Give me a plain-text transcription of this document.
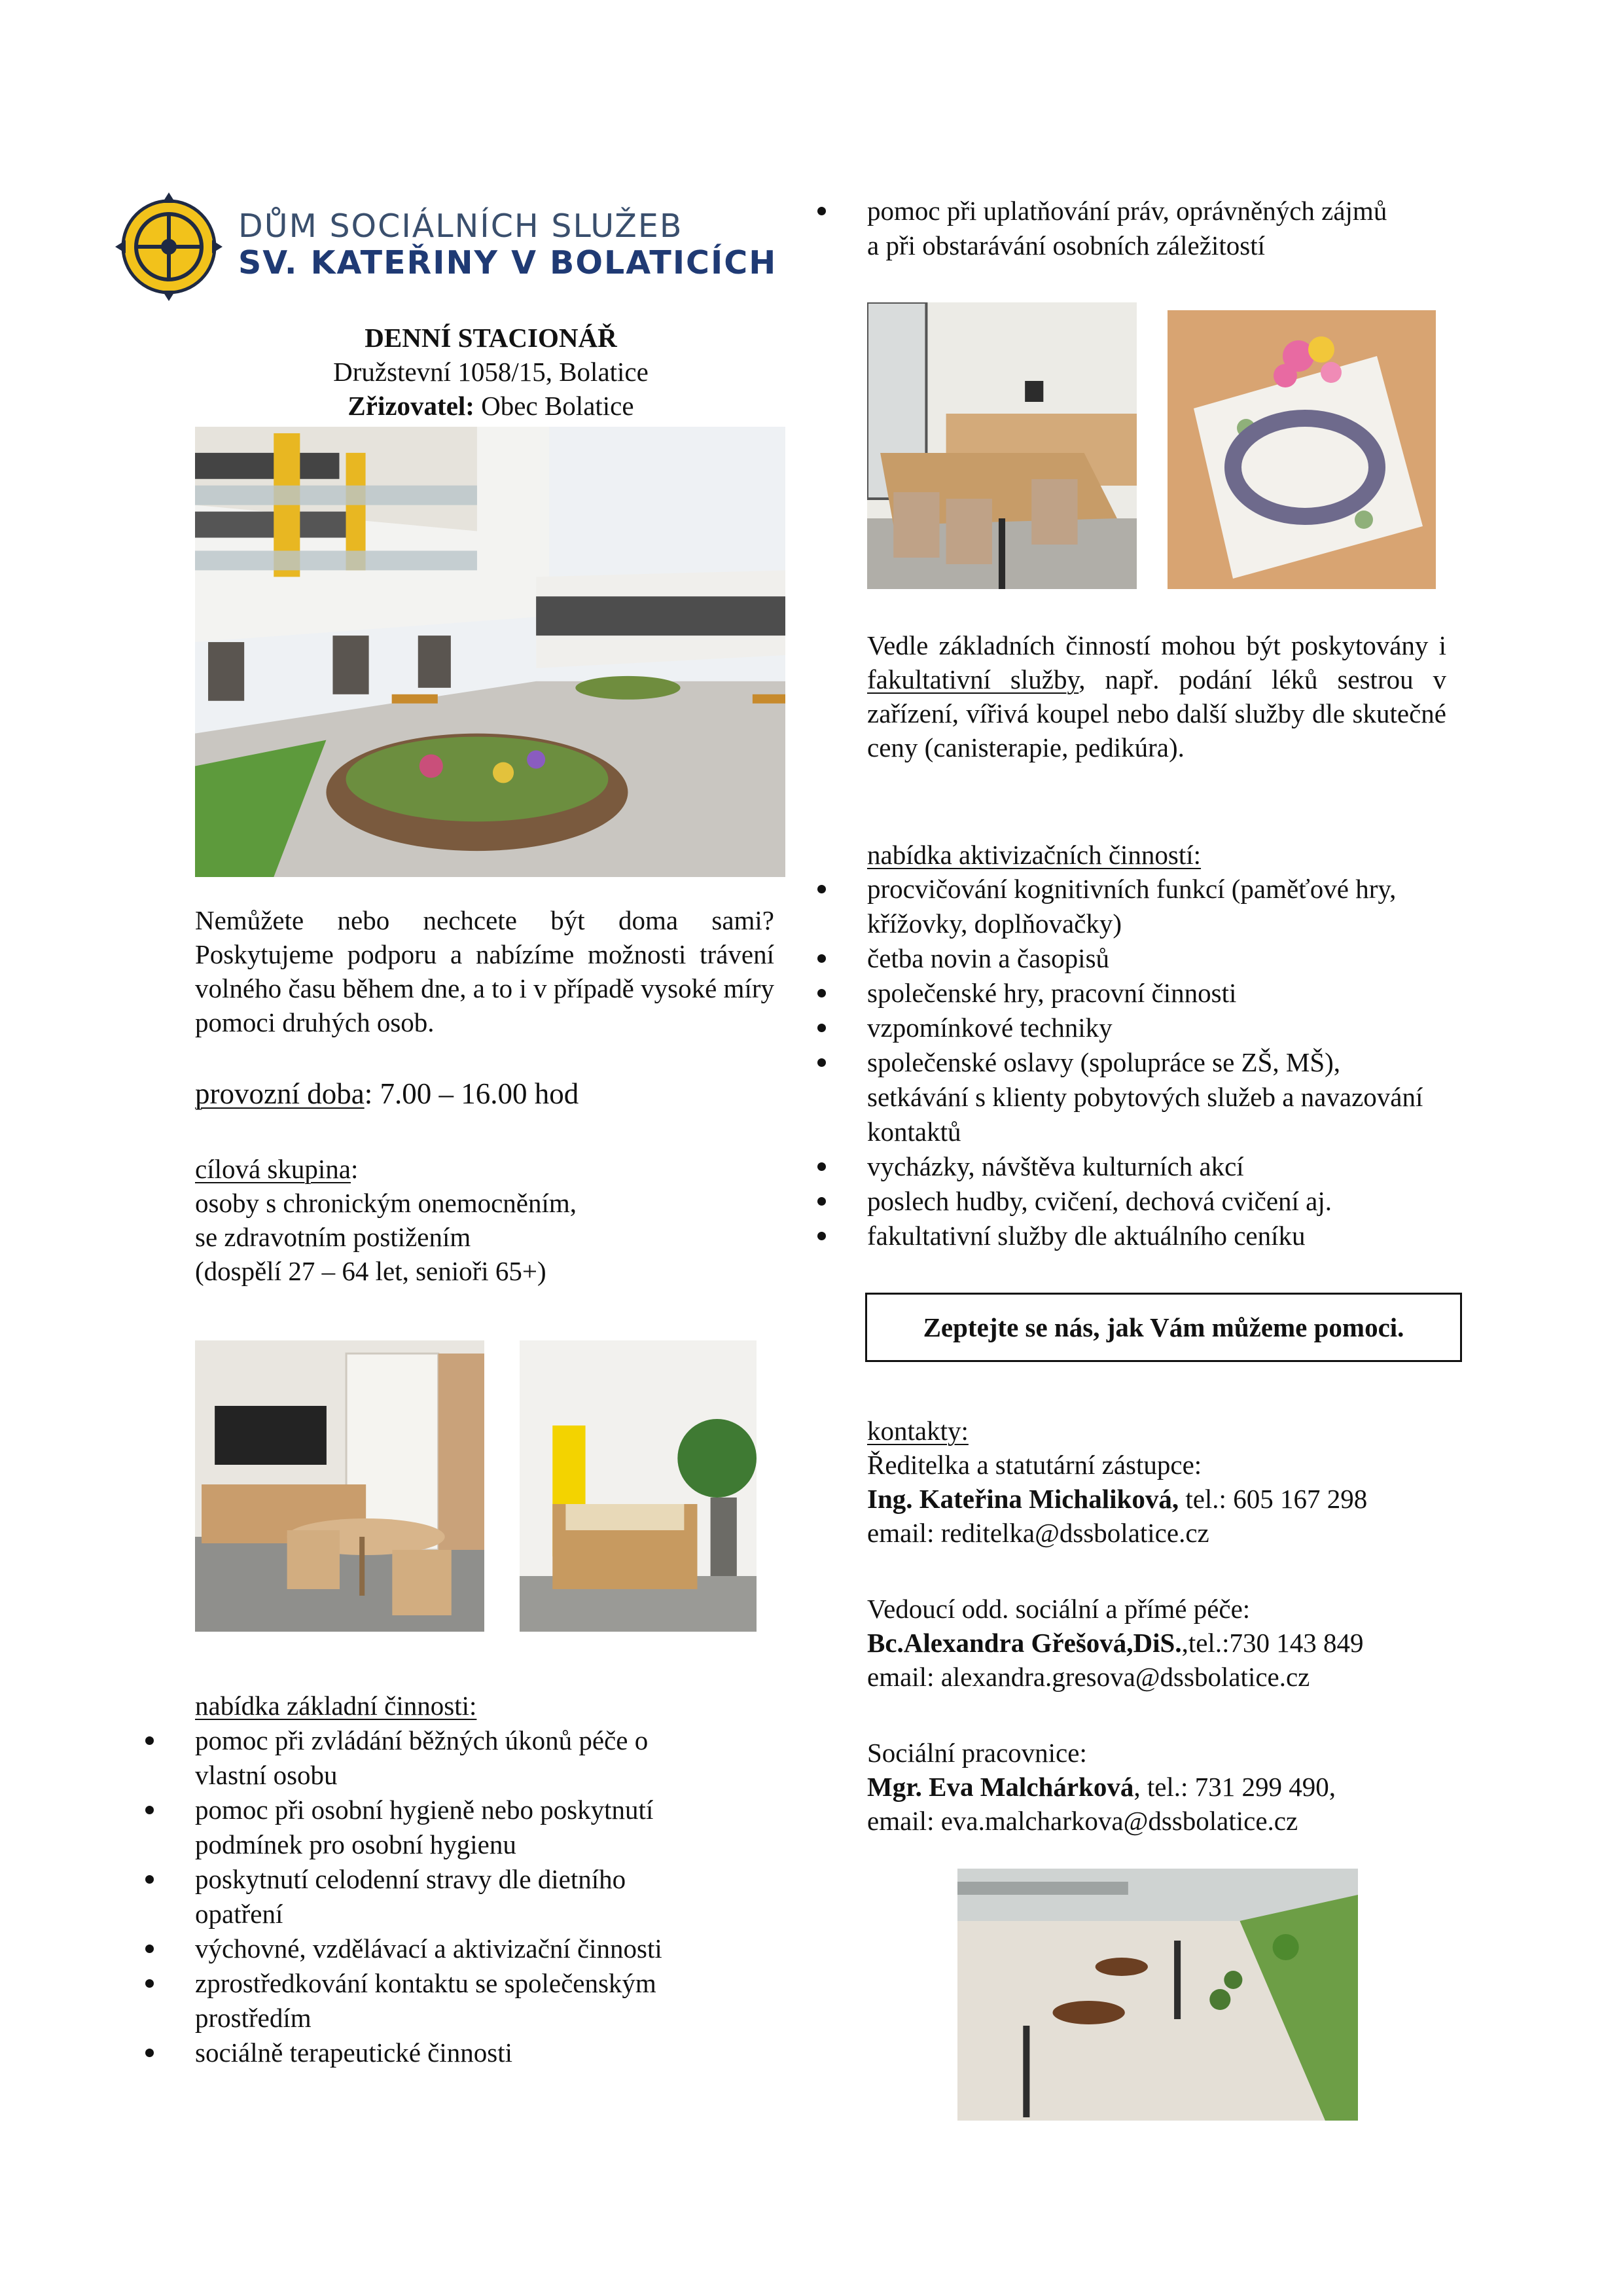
DŮM SOCIÁLNÍCH SLUŽEB
SV. KATEŘINY V BOLATICÍCH
DENNÍ STACIONÁŘ
Družstevní 1058/15, Bolatice
Zřizovatel: Obec Bolatice
Nemůžete nebo nechcete být doma sami? Poskytujeme podporu a nabízíme možnosti trávení volného času během dne, a to i v případě vysoké míry pomoci druhých osob.
provozní doba: 7.00 – 16.00 hod
cílová skupina:
osoby s chronickým onemocněním,
se zdravotním postižením
(dospělí 27 – 64 let, senioři 65+)
nabídka základní činnosti:
pomoc při zvládání běžných úkonů péče o vlastní osobu
pomoc při osobní hygieně nebo poskytnutí podmínek pro osobní hygienu
poskytnutí celodenní stravy dle dietního opatření
výchovné, vzdělávací a aktivizační činnosti
zprostředkování kontaktu se společenským prostředím
sociálně terapeutické činnosti
pomoc při uplatňování práv, oprávněných zájmů a při obstarávání osobních záležitostí
Vedle základních činností mohou být poskytovány i fakultativní služby, např. podání léků sestrou v zařízení, vířivá koupel nebo další služby dle skutečné ceny (canisterapie, pedikúra).
nabídka aktivizačních činností:
procvičování kognitivních funkcí (paměťové hry, křížovky, doplňovačky)
četba novin a časopisů
společenské hry, pracovní činnosti
vzpomínkové techniky
společenské oslavy (spolupráce se ZŠ, MŠ), setkávání s klienty pobytových služeb a navazování kontaktů
vycházky, návštěva kulturních akcí
poslech hudby, cvičení, dechová cvičení aj.
fakultativní služby dle aktuálního ceníku
Zeptejte se nás, jak Vám můžeme pomoci.
kontakty:
Ředitelka a statutární zástupce:
Ing. Kateřina Michaliková, tel.: 605 167 298
email: reditelka@dssbolatice.cz
Vedoucí odd. sociální a přímé péče:
Bc.Alexandra Gřešová,DiS.,tel.:730 143 849
email: alexandra.gresova@dssbolatice.cz
Sociální pracovnice:
Mgr. Eva Malchárková, tel.: 731 299 490,
email: eva.malcharkova@dssbolatice.cz
